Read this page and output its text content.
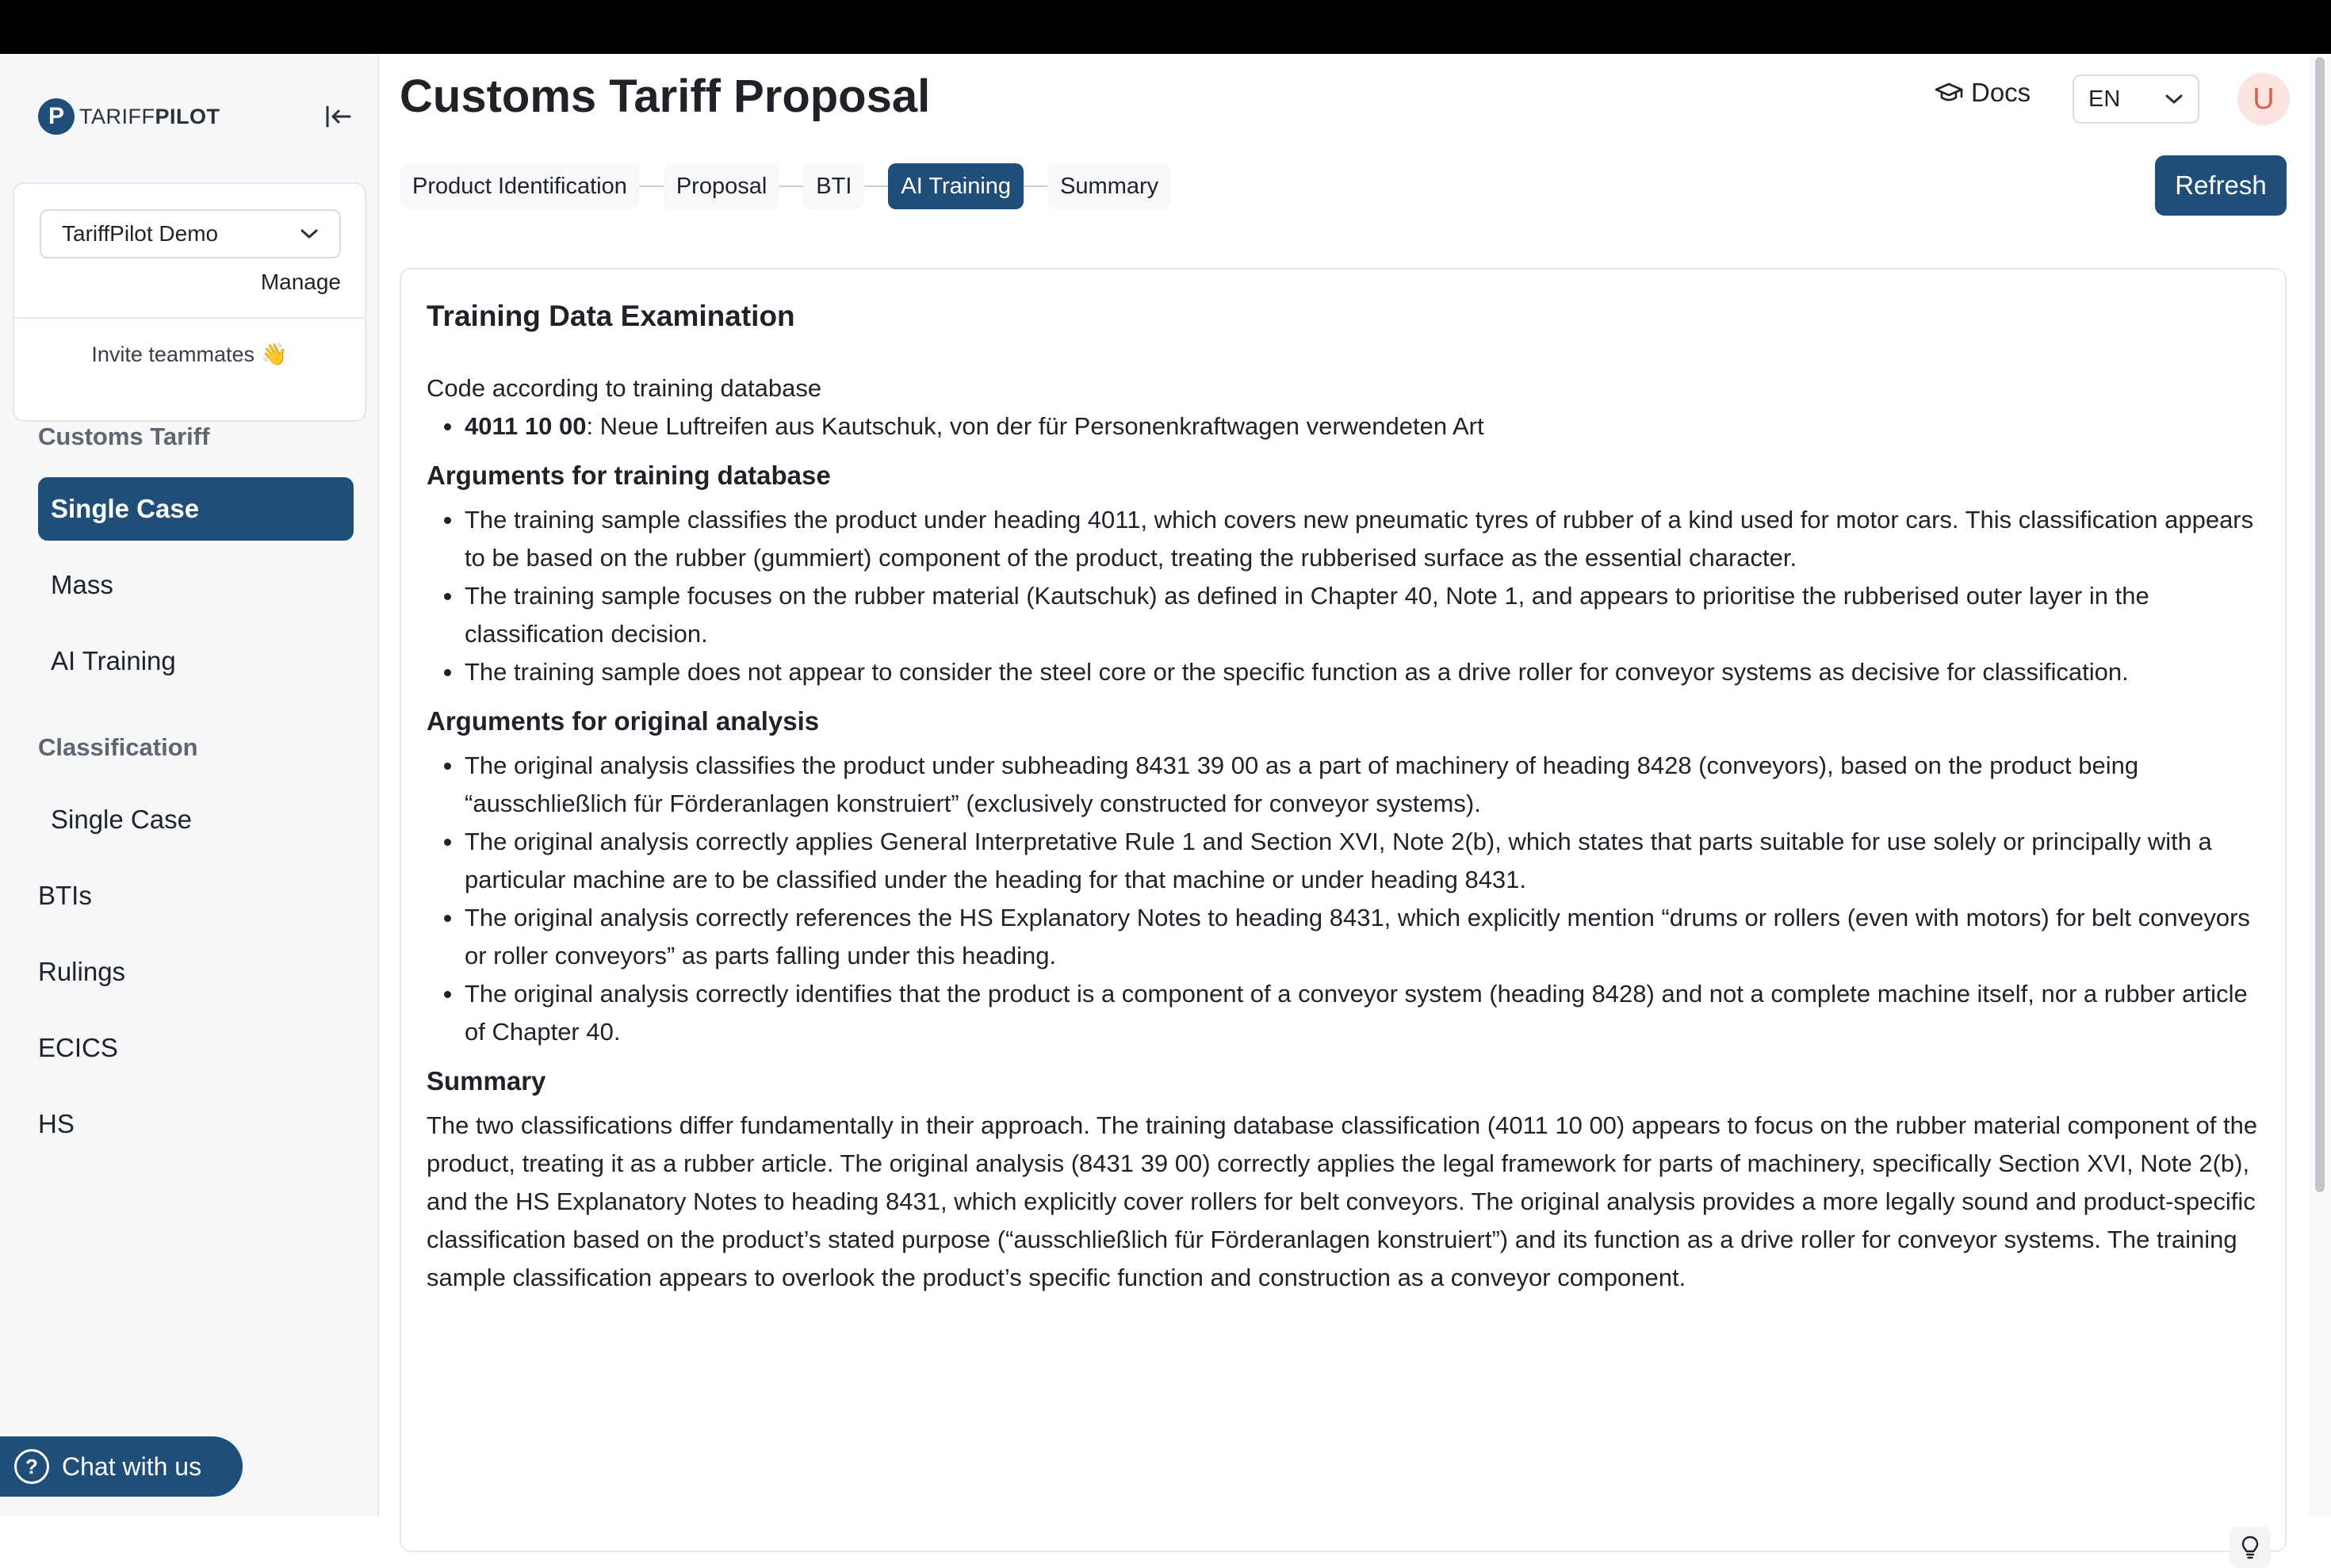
P TARIFFPILOT
TariffPilot Demo
Manage
Invite teammates 👋
Customs Tariff
Single Case
Mass
AI Training
Classification
Single Case
BTIs
Rulings
ECICS
HS
? Chat with us
Customs Tariff Proposal	Docs	EN	U
Product Identification	Proposal	BTI	AI Training	Summary	Refresh
Training Data Examination

Code according to training database

4011 10 00: Neue Luftreifen aus Kautschuk, von der für Personenkraftwagen verwendeten Art
Arguments for training database
The training sample classifies the product under heading 4011, which covers new pneumatic tyres of rubber of a kind used for motor cars. This classification appears to be based on the rubber (gummiert) component of the product, treating the rubberised surface as the essential character.
The training sample focuses on the rubber material (Kautschuk) as defined in Chapter 40, Note 1, and appears to prioritise the rubberised outer layer in the classification decision.
The training sample does not appear to consider the steel core or the specific function as a drive roller for conveyor systems as decisive for classification.
Arguments for original analysis
The original analysis classifies the product under subheading 8431 39 00 as a part of machinery of heading 8428 (conveyors), based on the product being “ausschließlich für Förderanlagen konstruiert” (exclusively constructed for conveyor systems).
The original analysis correctly applies General Interpretative Rule 1 and Section XVI, Note 2(b), which states that parts suitable for use solely or principally with a particular machine are to be classified under the heading for that machine or under heading 8431.
The original analysis correctly references the HS Explanatory Notes to heading 8431, which explicitly mention “drums or rollers (even with motors) for belt conveyors or roller conveyors” as parts falling under this heading.
The original analysis correctly identifies that the product is a component of a conveyor system (heading 8428) and not a complete machine itself, nor a rubber article of Chapter 40.
Summary

The two classifications differ fundamentally in their approach. The training database classification (4011 10 00) appears to focus on the rubber material component of the product, treating it as a rubber article. The original analysis (8431 39 00) correctly applies the legal framework for parts of machinery, specifically Section XVI, Note 2(b), and the HS Explanatory Notes to heading 8431, which explicitly cover rollers for belt conveyors. The original analysis provides a more legally sound and product-specific classification based on the product’s stated purpose (“ausschließlich für Förderanlagen konstruiert”) and its function as a drive roller for conveyor systems. The training sample classification appears to overlook the product’s specific function and construction as a conveyor component.
